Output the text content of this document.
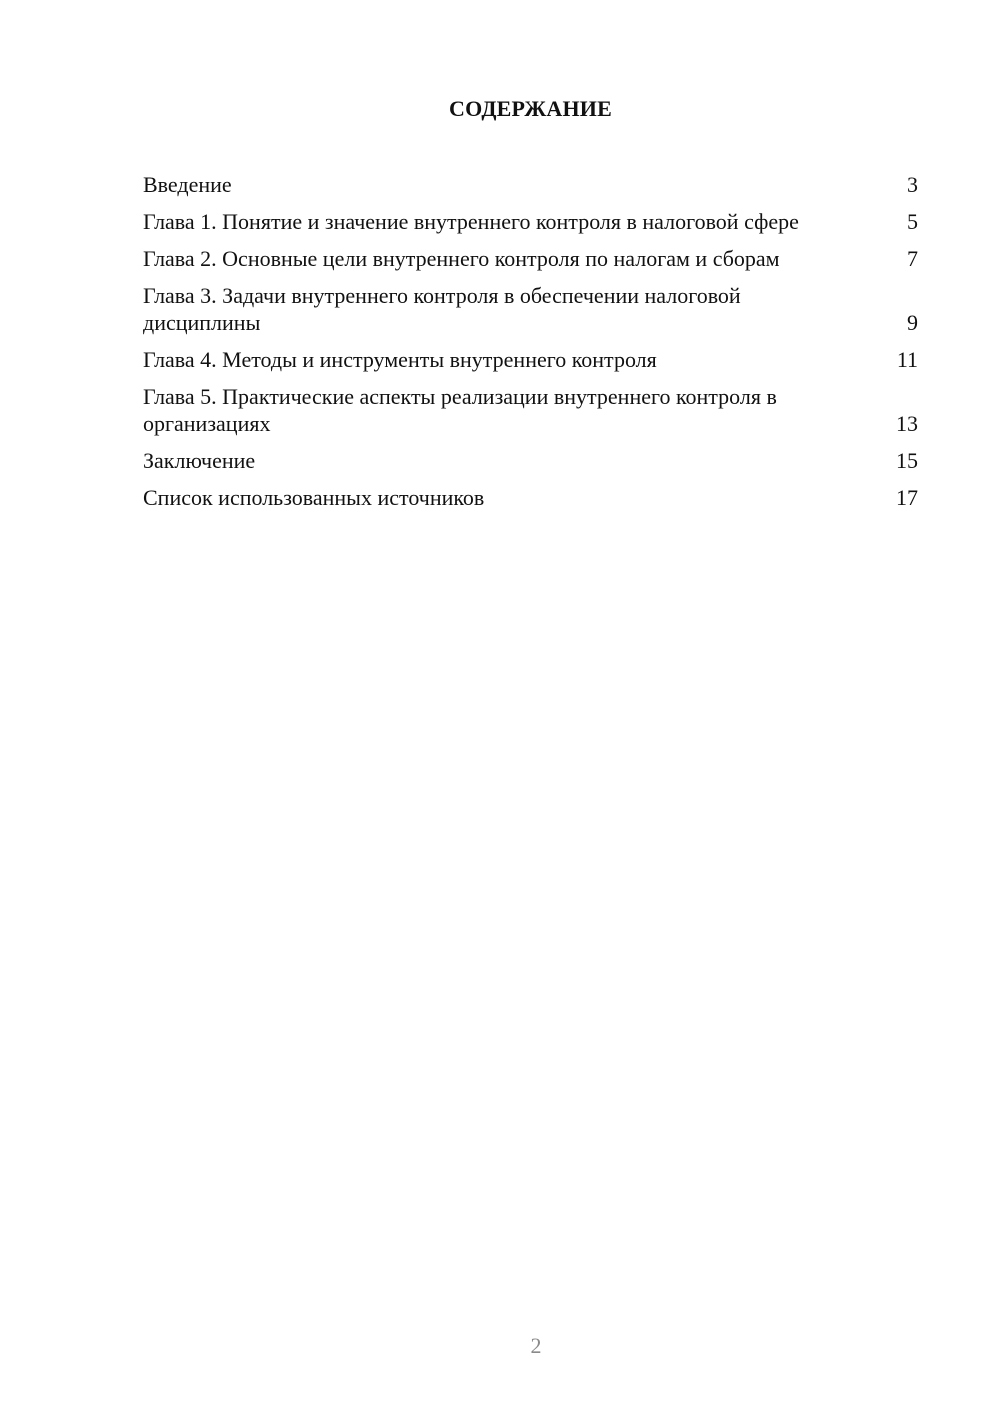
СОДЕРЖАНИЕ
Введение	3
Глава 1. Понятие и значение внутреннего контроля в налоговой сфере	5
Глава 2. Основные цели внутреннего контроля по налогам и сборам	7
Глава 3. Задачи внутреннего контроля в обеспечении налоговой дисциплины	9
Глава 4. Методы и инструменты внутреннего контроля	11
Глава 5. Практические аспекты реализации внутреннего контроля в организациях	13
Заключение	15
Список использованных источников	17
2
